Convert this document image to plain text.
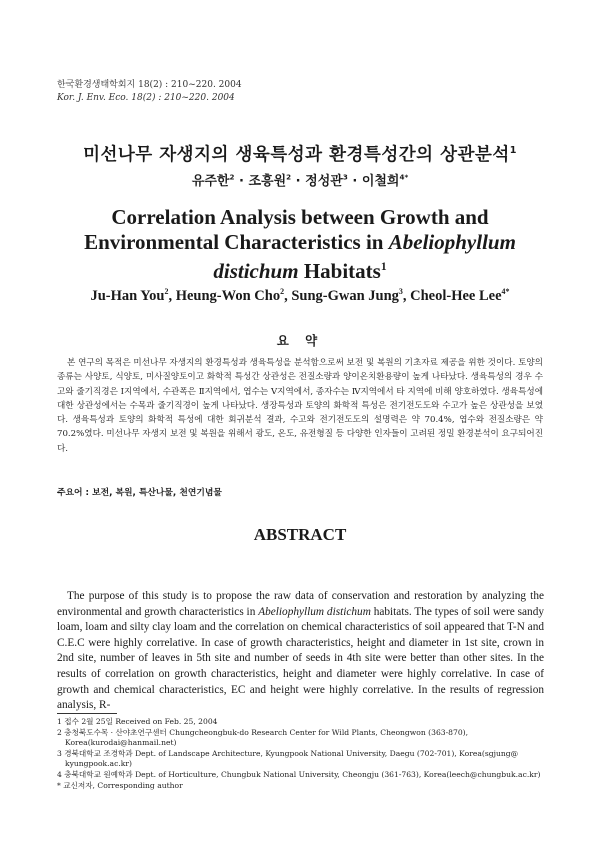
한국환경생태학회지 18(2) : 210~220. 2004
Kor. J. Env. Eco. 18(2) : 210~220. 2004
미선나무 자생지의 생육특성과 환경특성간의 상관분석$^1$
유주한$^2$ · 조흥원$^2$ · 정성관$^3$ · 이철희$^{4*}$
Correlation Analysis between Growth and
Environmental Characteristics in Abeliophyllum
distichum Habitats$^1$
Ju-Han You$^2$, Heung-Won Cho$^2$, Sung-Gwan Jung$^3$, Cheol-Hee Lee$^{4*}$
요 약
본 연구의 목적은 미선나무 자생지의 환경특성과 생육특성을 분석함으로써 보전 및 복원의 기초자료 제공을 위한 것이다. 토양의 종류는 사양토, 식양토, 미사질양토이고 화학적 특성간 상관성은 전질소량과 양이온치환용량이 높게 나타났다. 생육특성의 경우 수고와 줄기직경은 Ⅰ지역에서, 수관폭은 Ⅱ지역에서, 엽수는 Ⅴ지역에서, 종자수는 Ⅳ지역에서 타 지역에 비해 양호하였다. 생육특성에 대한 상관성에서는 수목과 줄기직경이 높게 나타났다. 생장특성과 토양의 화학적 특성은 전기전도도와 수고가 높은 상관성을 보였다. 생육특성과 토양의 화학적 특성에 대한 회귀분석 결과, 수고와 전기전도도의 설명력은 약 70.4%, 엽수와 전질소량은 약 70.2%였다. 미선나무 자생지 보전 및 복원을 위해서 광도, 온도, 유전형질 등 다양한 인자들이 고려된 정밀 환경분석이 요구되어진다.
주요어 : 보전, 복원, 특산나물, 천연기념물
ABSTRACT
The purpose of this study is to propose the raw data of conservation and restoration by analyzing the environmental and growth characteristics in Abeliophyllum distichum habitats. The types of soil were sandy loam, loam and silty clay loam and the correlation on chemical characteristics of soil appeared that T-N and C.E.C were highly correlative. In case of growth characteristics, height and diameter in 1st site, crown in 2nd site, number of leaves in 5th site and number of seeds in 4th site were better than other sites. In the results of correlation on growth characteristics, height and diameter were highly correlative. In case of growth and chemical characteristics, EC and height were highly correlative. In the results of regression analysis, R-

1 접수 2월 25일 Received on Feb. 25, 2004

2 충청북도수목 · 산야초연구센터 Chungcheongbuk-do Research Center for Wild Plants, Cheongwon (363-870), Korea(kurodai@hanmail.net)

3 경북대학교 조경학과 Dept. of Landscape Architecture, Kyungpook National University, Daegu (702-701), Korea(sgjung@ kyungpook.ac.kr)

4 충북대학교 원예학과 Dept. of Horticulture, Chungbuk National University, Cheongju (361-763), Korea(leech@chungbuk.ac.kr)

* 교신저자, Corresponding author
